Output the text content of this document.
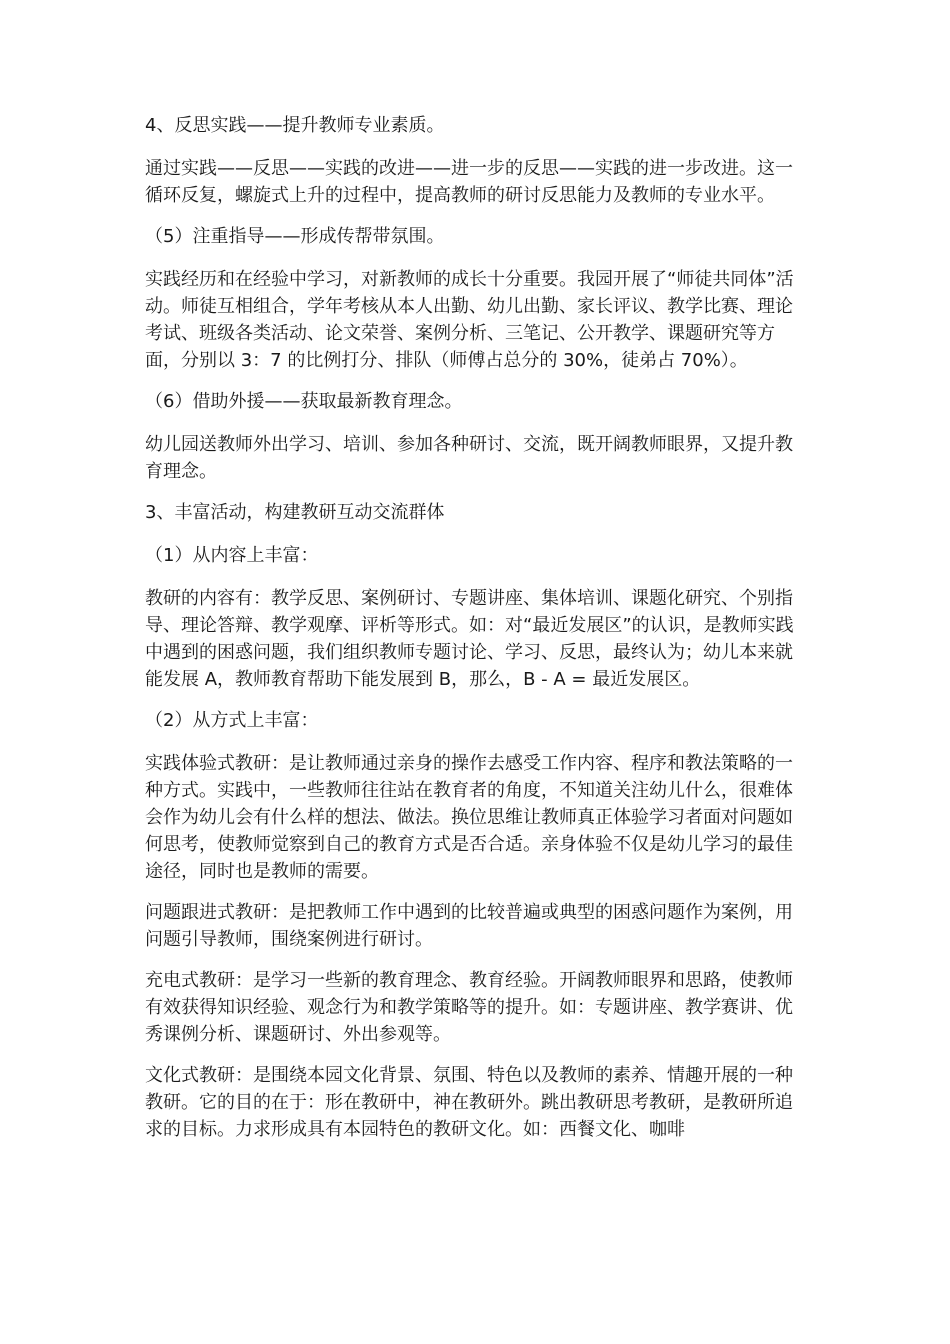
4、反思实践——提升教师专业素质。

通过实践——反思——实践的改进——进一步的反思——实践的进一步改进。这一循环反复，螺旋式上升的过程中，提高教师的研讨反思能力及教师的专业水平。

（5）注重指导——形成传帮带氛围。

实践经历和在经验中学习，对新教师的成长十分重要。我园开展了“师徒共同体”活动。师徒互相组合，学年考核从本人出勤、幼儿出勤、家长评议、教学比赛、理论考试、班级各类活动、论文荣誉、案例分析、三笔记、公开教学、课题研究等方面，分别以 3：7 的比例打分、排队（师傅占总分的 30%，徒弟占 70%）。

（6）借助外援——获取最新教育理念。

幼儿园送教师外出学习、培训、参加各种研讨、交流，既开阔教师眼界，又提升教育理念。

3、丰富活动，构建教研互动交流群体

（1）从内容上丰富：

教研的内容有：教学反思、案例研讨、专题讲座、集体培训、课题化研究、个别指导、理论答辩、教学观摩、评析等形式。如：对“最近发展区”的认识，是教师实践中遇到的困惑问题，我们组织教师专题讨论、学习、反思，最终认为；幼儿本来就能发展 A，教师教育帮助下能发展到 B，那么，B - A = 最近发展区。

（2）从方式上丰富：

实践体验式教研：是让教师通过亲身的操作去感受工作内容、程序和教法策略的一种方式。实践中，一些教师往往站在教育者的角度，不知道关注幼儿什么，很难体会作为幼儿会有什么样的想法、做法。换位思维让教师真正体验学习者面对问题如何思考，使教师觉察到自己的教育方式是否合适。亲身体验不仅是幼儿学习的最佳途径，同时也是教师的需要。

问题跟进式教研：是把教师工作中遇到的比较普遍或典型的困惑问题作为案例，用问题引导教师，围绕案例进行研讨。

充电式教研：是学习一些新的教育理念、教育经验。开阔教师眼界和思路，使教师有效获得知识经验、观念行为和教学策略等的提升。如：专题讲座、教学赛讲、优秀课例分析、课题研讨、外出参观等。

文化式教研：是围绕本园文化背景、氛围、特色以及教师的素养、情趣开展的一种教研。它的目的在于：形在教研中，神在教研外。跳出教研思考教研，是教研所追求的目标。力求形成具有本园特色的教研文化。如：西餐文化、咖啡
